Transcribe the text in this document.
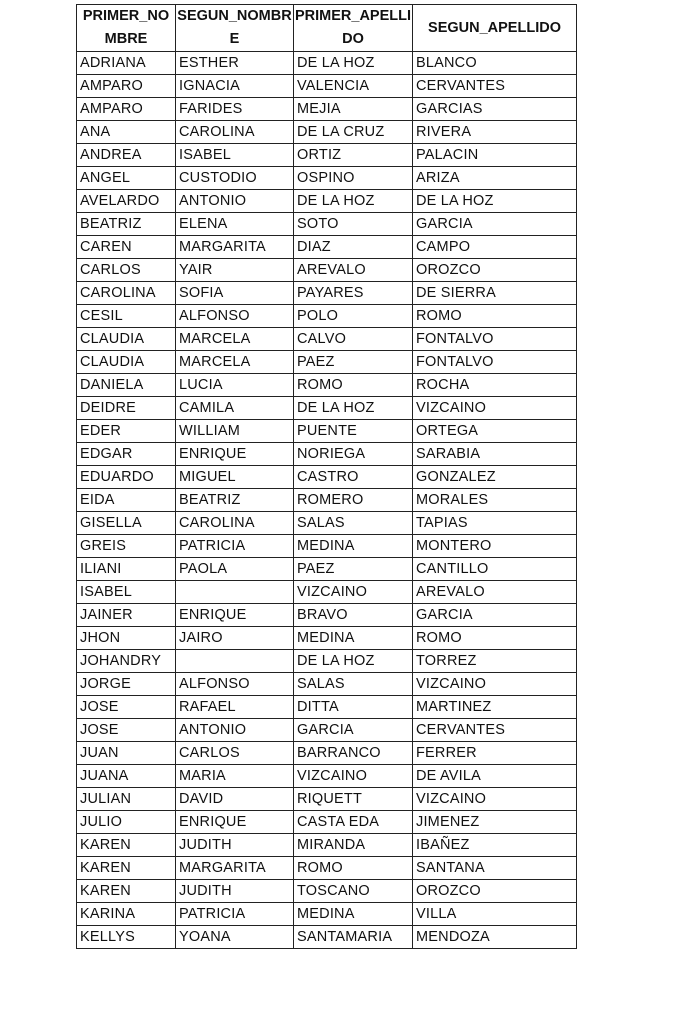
PRIMER_NOMBRE	SEGUN_NOMBRE	PRIMER_APELLIDO	SEGUN_APELLIDO
ADRIANA	ESTHER	DE LA HOZ	BLANCO
AMPARO	IGNACIA	VALENCIA	CERVANTES
AMPARO	FARIDES	MEJIA	GARCIAS
ANA	CAROLINA	DE LA CRUZ	RIVERA
ANDREA	ISABEL	ORTIZ	PALACIN
ANGEL	CUSTODIO	OSPINO	ARIZA
AVELARDO	ANTONIO	DE LA HOZ	DE LA HOZ
BEATRIZ	ELENA	SOTO	GARCIA
CAREN	MARGARITA	DIAZ	CAMPO
CARLOS	YAIR	AREVALO	OROZCO
CAROLINA	SOFIA	PAYARES	DE SIERRA
CESIL	ALFONSO	POLO	ROMO
CLAUDIA	MARCELA	CALVO	FONTALVO
CLAUDIA	MARCELA	PAEZ	FONTALVO
DANIELA	LUCIA	ROMO	ROCHA
DEIDRE	CAMILA	DE LA HOZ	VIZCAINO
EDER	WILLIAM	PUENTE	ORTEGA
EDGAR	ENRIQUE	NORIEGA	SARABIA
EDUARDO	MIGUEL	CASTRO	GONZALEZ
EIDA	BEATRIZ	ROMERO	MORALES
GISELLA	CAROLINA	SALAS	TAPIAS
GREIS	PATRICIA	MEDINA	MONTERO
ILIANI	PAOLA	PAEZ	CANTILLO
ISABEL		VIZCAINO	AREVALO
JAINER	ENRIQUE	BRAVO	GARCIA
JHON	JAIRO	MEDINA	ROMO
JOHANDRY		DE LA HOZ	TORREZ
JORGE	ALFONSO	SALAS	VIZCAINO
JOSE	RAFAEL	DITTA	MARTINEZ
JOSE	ANTONIO	GARCIA	CERVANTES
JUAN	CARLOS	BARRANCO	FERRER
JUANA	MARIA	VIZCAINO	DE AVILA
JULIAN	DAVID	RIQUETT	VIZCAINO
JULIO	ENRIQUE	CASTA EDA	JIMENEZ
KAREN	JUDITH	MIRANDA	IBAÑEZ
KAREN	MARGARITA	ROMO	SANTANA
KAREN	JUDITH	TOSCANO	OROZCO
KARINA	PATRICIA	MEDINA	VILLA
KELLYS	YOANA	SANTAMARIA	MENDOZA
